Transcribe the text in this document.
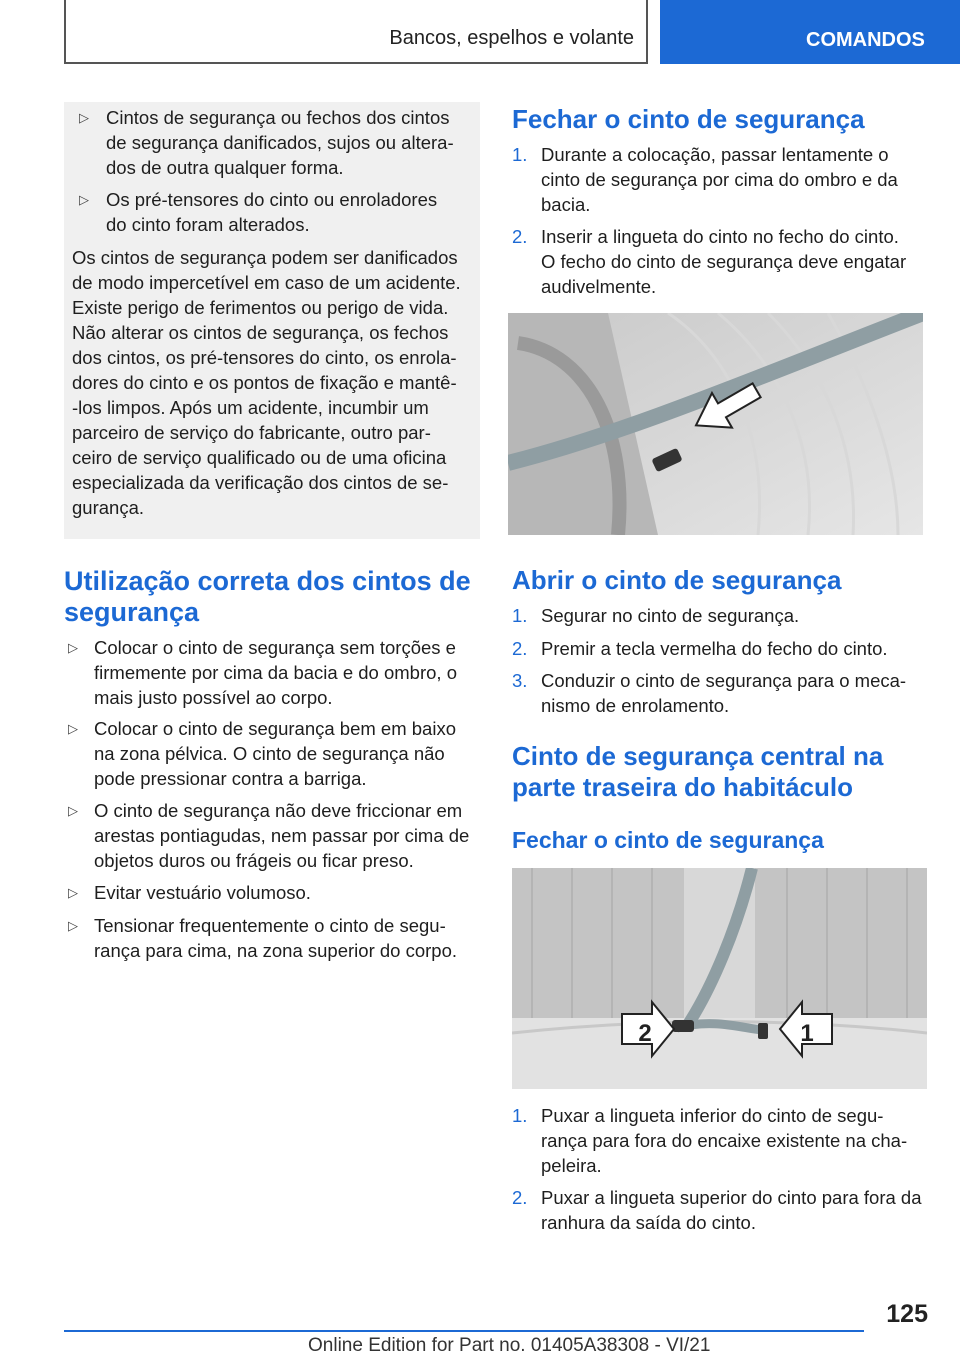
Bancos, espelhos e volante	COMANDOS
▷ Cintos de segurança ou fechos dos cintos
de segurança danificados, sujos ou altera-
dos de outra qualquer forma.
▷ Os pré-tensores do cinto ou enroladores
do cinto foram alterados.
Os cintos de segurança podem ser danificados
de modo impercetível em caso de um acidente.
Existe perigo de ferimentos ou perigo de vida.
Não alterar os cintos de segurança, os fechos
dos cintos, os pré-tensores do cinto, os enrola-
dores do cinto e os pontos de fixação e mantê-
-los limpos. Após um acidente, incumbir um
parceiro de serviço do fabricante, outro par-
ceiro de serviço qualificado ou de uma oficina
especializada da verificação dos cintos de se-
gurança.
Utilização correta dos cintos de
segurança
▷ Colocar o cinto de segurança sem torções e
firmemente por cima da bacia e do ombro, o
mais justo possível ao corpo.
▷ Colocar o cinto de segurança bem em baixo
na zona pélvica. O cinto de segurança não
pode pressionar contra a barriga.
▷ O cinto de segurança não deve friccionar em
arestas pontiagudas, nem passar por cima de
objetos duros ou frágeis ou ficar preso.
▷ Evitar vestuário volumoso.
▷ Tensionar frequentemente o cinto de segu-
rança para cima, na zona superior do corpo.
Fechar o cinto de segurança
1. Durante a colocação, passar lentamente o
cinto de segurança por cima do ombro e da
bacia.
2. Inserir a lingueta do cinto no fecho do cinto.
O fecho do cinto de segurança deve engatar
audivelmente.
Abrir o cinto de segurança
1. Segurar no cinto de segurança.
2. Premir a tecla vermelha do fecho do cinto.
3. Conduzir o cinto de segurança para o meca-
nismo de enrolamento.
Cinto de segurança central na
parte traseira do habitáculo
Fechar o cinto de segurança
2	1
1. Puxar a lingueta inferior do cinto de segu-
rança para fora do encaixe existente na cha-
peleira.
2. Puxar a lingueta superior do cinto para fora da
ranhura da saída do cinto.
125
Online Edition for Part no. 01405A38308 - VI/21
